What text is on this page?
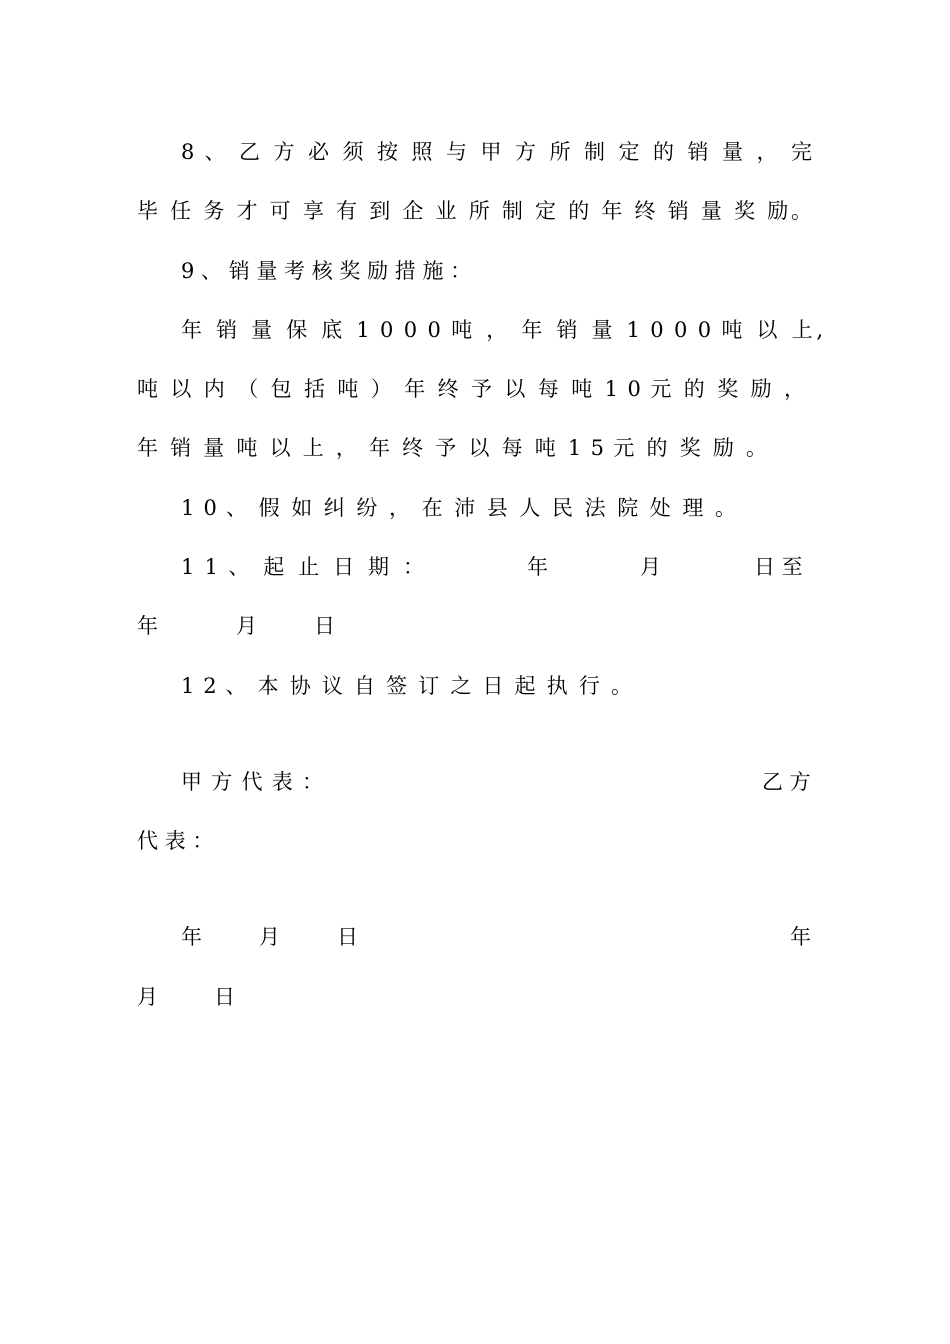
8 、 乙 方 必 须 按 照 与 甲 方 所 制 定 的 销 量 ， 完
毕 任 务 才 可 享 有 到 企 业 所 制 定 的 年 终 销 量 奖 励。
9 、 销 量 考 核 奖 励 措 施 ：
年 销 量 保 底 1 0 0 0 吨 ， 年 销 量 1 0 0 0 吨 以 上,
吨 以 内 （ 包 括 吨 ） 年 终 予 以 每 吨 1 0 元 的 奖 励 ，
年 销 量 吨 以 上 ， 年 终 予 以 每 吨 1 5 元 的 奖 励 。
1 0 、 假 如 纠 纷 ， 在 沛 县 人 民 法 院 处 理 。
1 1 、 起 止 日 期 ：	年	月	日 至
年	月	日
1 2 、 本 协 议 自 签 订 之 日 起 执 行 。
甲 方 代 表 ：	乙 方
代 表 ：
年	月	日	年
月	日
